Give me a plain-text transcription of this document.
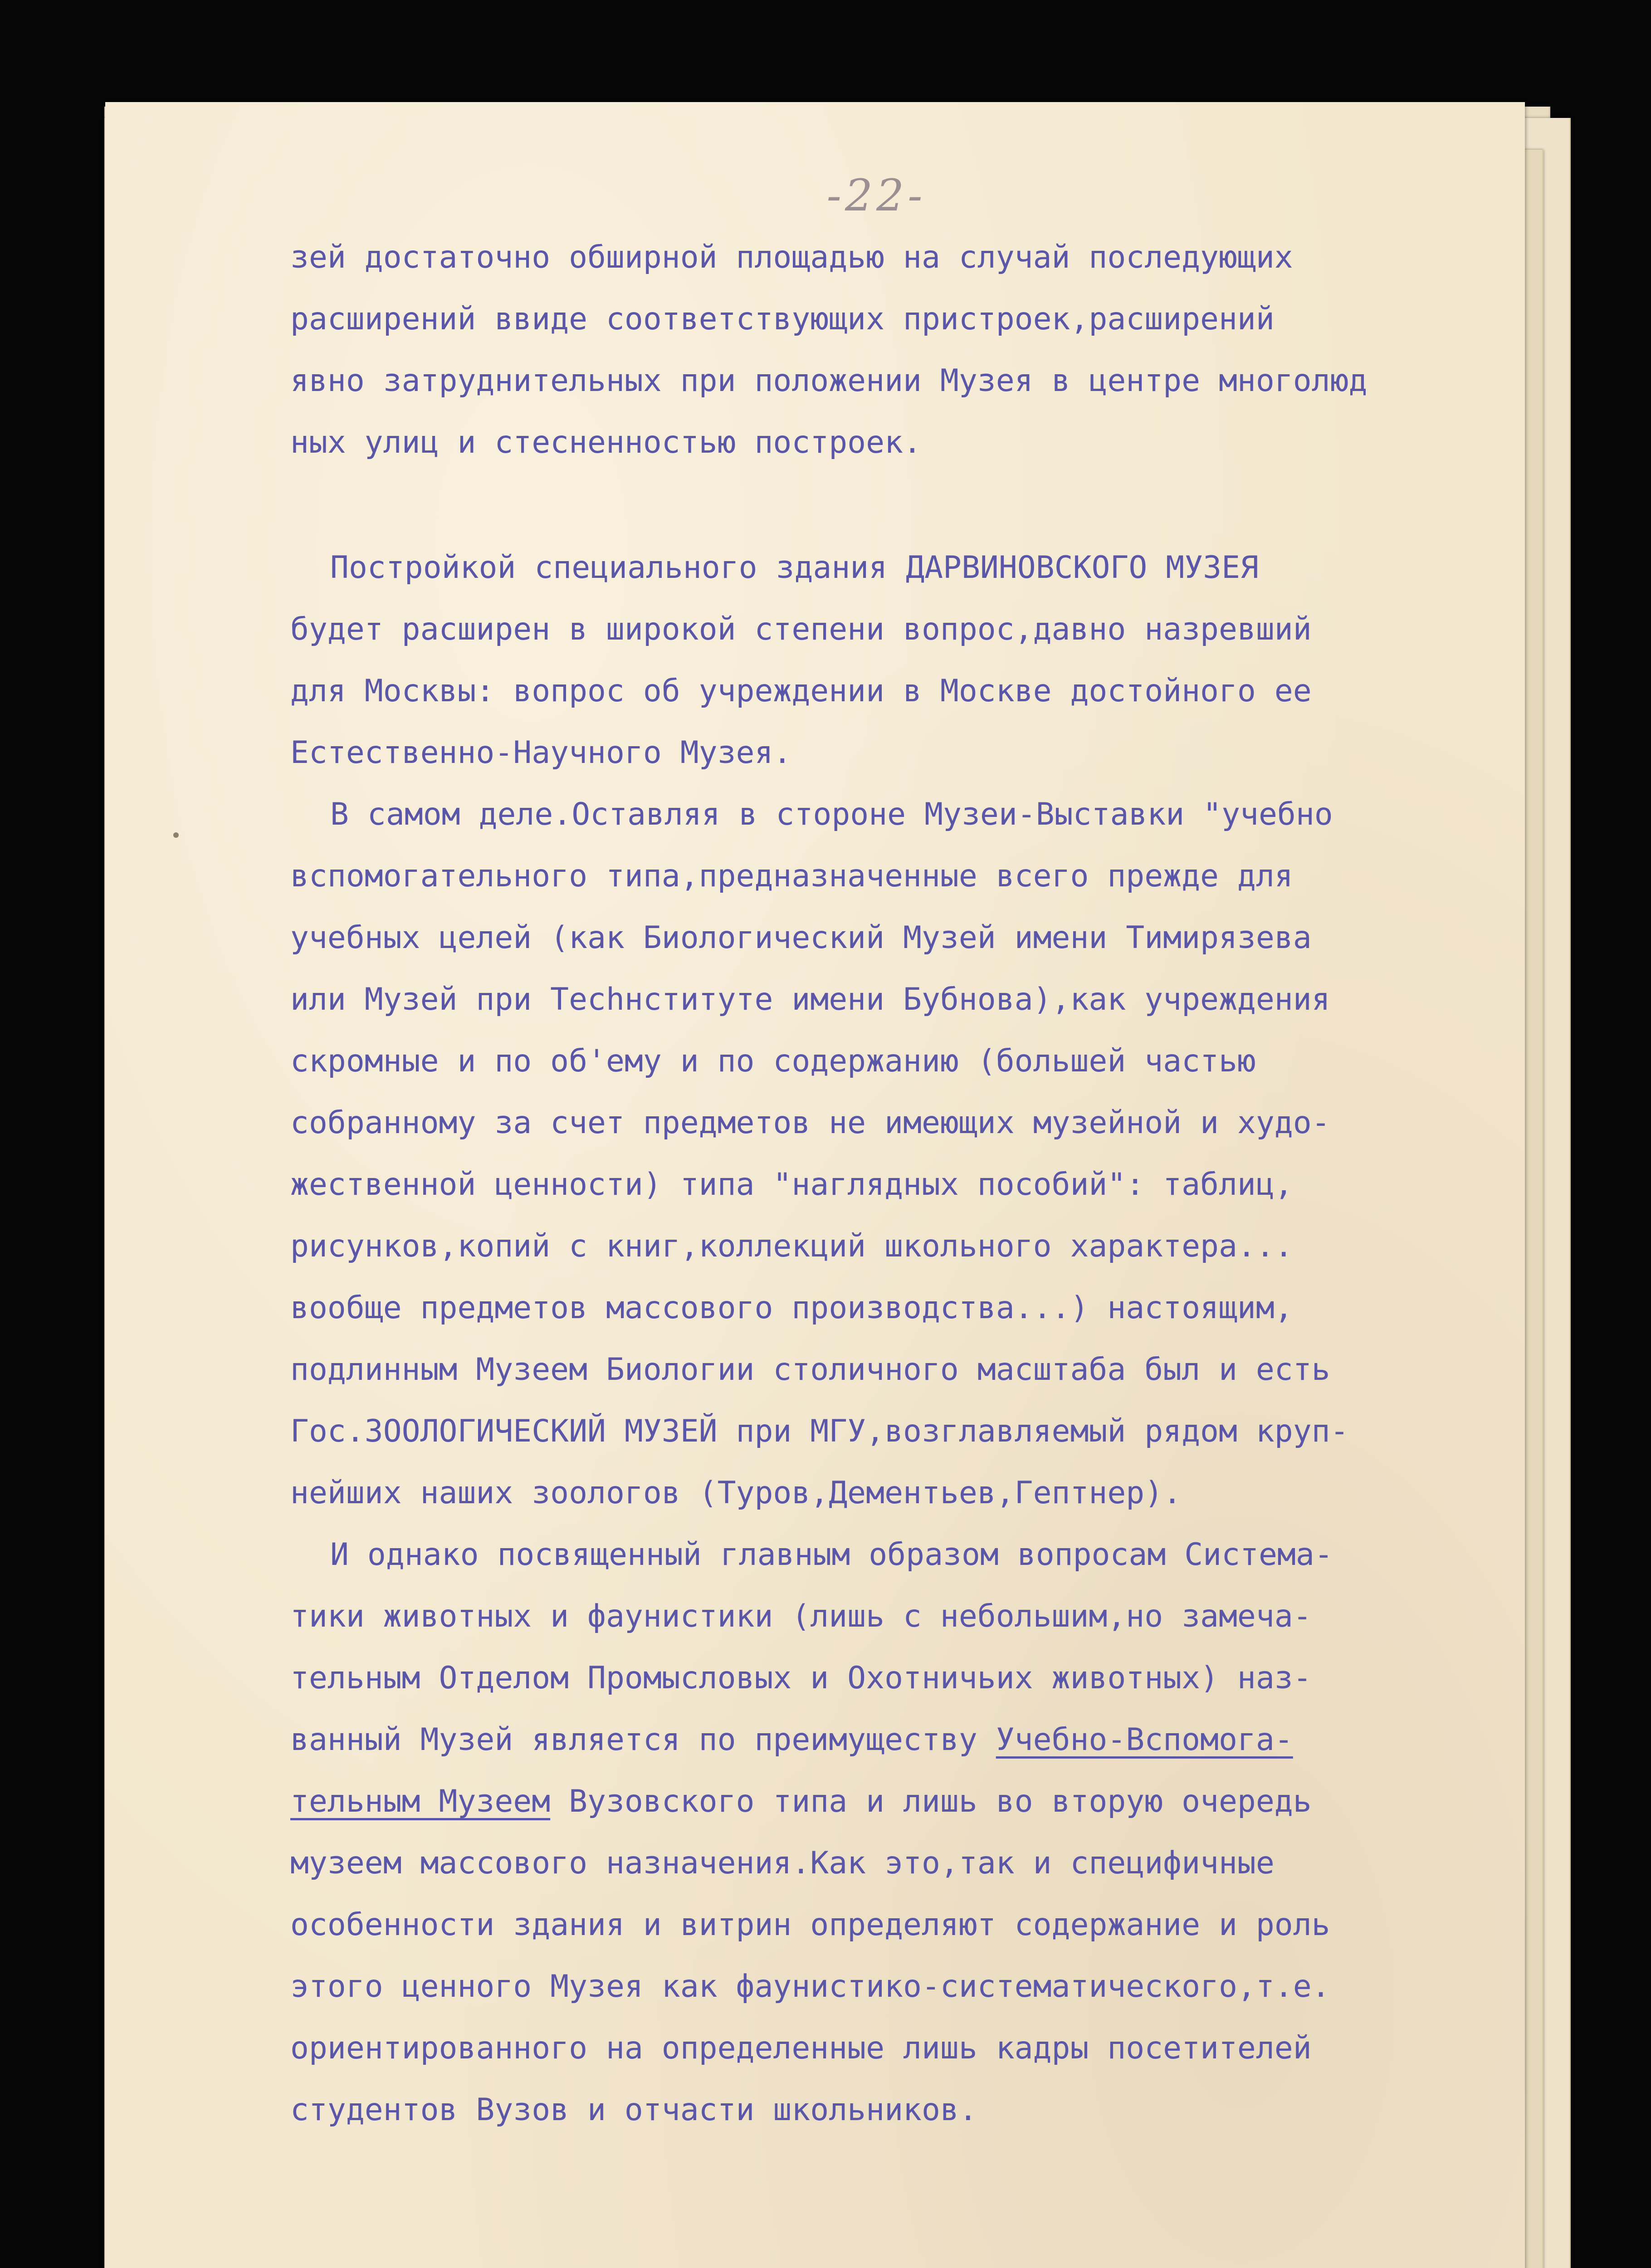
-22-
зей достаточно обширной площадью на случай последующих
расширений ввиде соответствующих пристроек,расширений
явно затруднительных при положении Музея в центре многолюд
ных улиц и стесненностью построек.
Постройкой специального здания ДАРВИНОВСКОГО МУЗЕЯ
будет расширен в широкой степени вопрос,давно назревший
для Москвы: вопрос об учреждении в Москве достойного ее
Естественно-Научного Музея.
В самом деле.Оставляя в стороне Музеи-Выставки "учебно
вспомогательного типа,предназначенные всего прежде для
учебных целей (как Биологический Музей имени Тимирязева
или Музей при Techнституте имени Бубнова),как учреждения
скромные и по об'ему и по содержанию (большей частью
собранному за счет предметов не имеющих музейной и худо-
жественной ценности) типа "наглядных пособий": таблиц,
рисунков,копий с книг,коллекций школьного характера...
вообще предметов массового производства...) настоящим,
подлинным Музеем Биологии столичного масштаба был и есть
Гос.ЗООЛОГИЧЕСКИЙ МУЗЕЙ при МГУ,возглавляемый рядом круп-
нейших наших зоологов (Туров,Дементьев,Гептнер).
И однако посвященный главным образом вопросам Система-
тики животных и фаунистики (лишь с небольшим,но замеча-
тельным Отделом Промысловых и Охотничьих животных) наз-
ванный Музей является по преимуществу Учебно-Вспомога-
тельным Музеем Вузовского типа и лишь во вторую очередь
музеем массового назначения.Как это,так и специфичные
особенности здания и витрин определяют содержание и роль
этого ценного Музея как фаунистико-систематического,т.е.
ориентированного на определенные лишь кадры посетителей
студентов Вузов и отчасти школьников.
